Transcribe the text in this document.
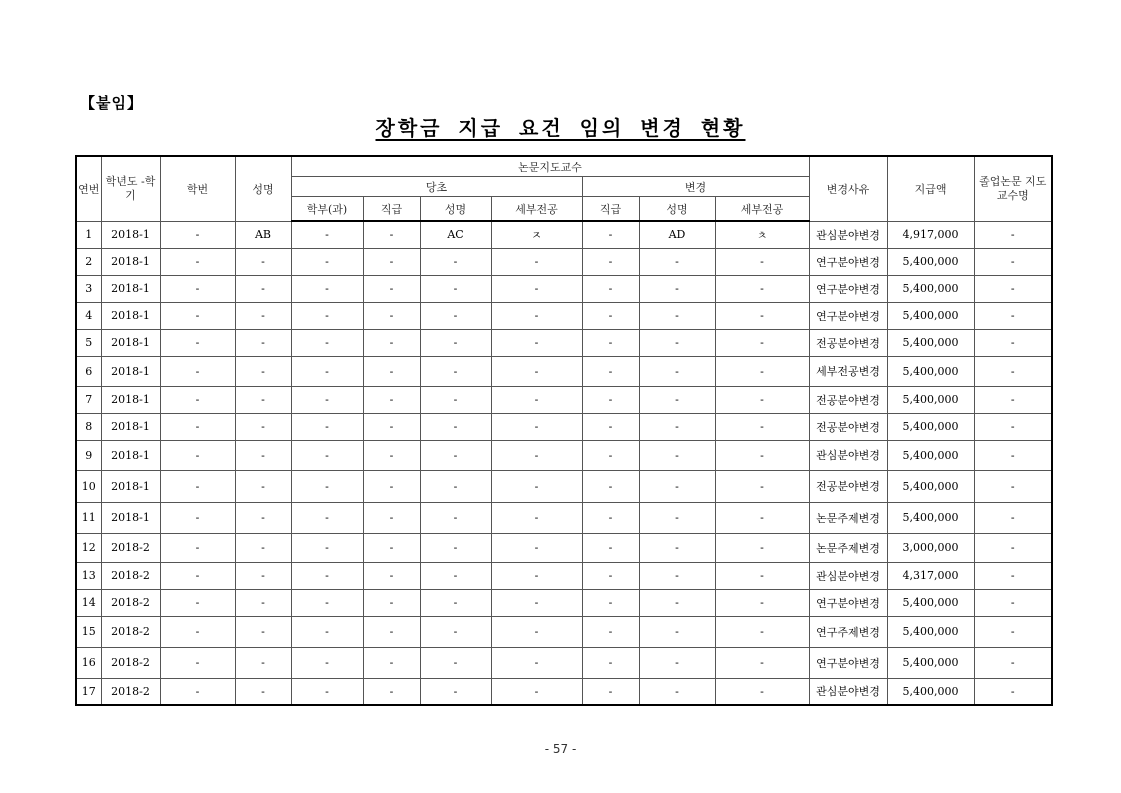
【붙임】
장학금 지급 요건 임의 변경 현황
연번	학년도 -학기	학번	성명	논문지도교수							변경사유	지급액	졸업논문 지도교수명
				당초				변경					
				학부(과)	직급	성명	세부전공	직급	성명	세부전공			
1	2018-1	-	AB	-	-	AC	ㅈ	-	AD	ㅊ	관심분야변경	4,917,000	-
2	2018-1	-	-	-	-	-	-	-	-	-	연구분야변경	5,400,000	-
3	2018-1	-	-	-	-	-	-	-	-	-	연구분야변경	5,400,000	-
4	2018-1	-	-	-	-	-	-	-	-	-	연구분야변경	5,400,000	-
5	2018-1	-	-	-	-	-	-	-	-	-	전공분야변경	5,400,000	-
6	2018-1	-	-	-	-	-	-	-	-	-	세부전공변경	5,400,000	-
7	2018-1	-	-	-	-	-	-	-	-	-	전공분야변경	5,400,000	-
8	2018-1	-	-	-	-	-	-	-	-	-	전공분야변경	5,400,000	-
9	2018-1	-	-	-	-	-	-	-	-	-	관심분야변경	5,400,000	-
10	2018-1	-	-	-	-	-	-	-	-	-	전공분야변경	5,400,000	-
11	2018-1	-	-	-	-	-	-	-	-	-	논문주제변경	5,400,000	-
12	2018-2	-	-	-	-	-	-	-	-	-	논문주제변경	3,000,000	-
13	2018-2	-	-	-	-	-	-	-	-	-	관심분야변경	4,317,000	-
14	2018-2	-	-	-	-	-	-	-	-	-	연구분야변경	5,400,000	-
15	2018-2	-	-	-	-	-	-	-	-	-	연구주제변경	5,400,000	-
16	2018-2	-	-	-	-	-	-	-	-	-	연구분야변경	5,400,000	-
17	2018-2	-	-	-	-	-	-	-	-	-	관심분야변경	5,400,000	-
- 57 -
